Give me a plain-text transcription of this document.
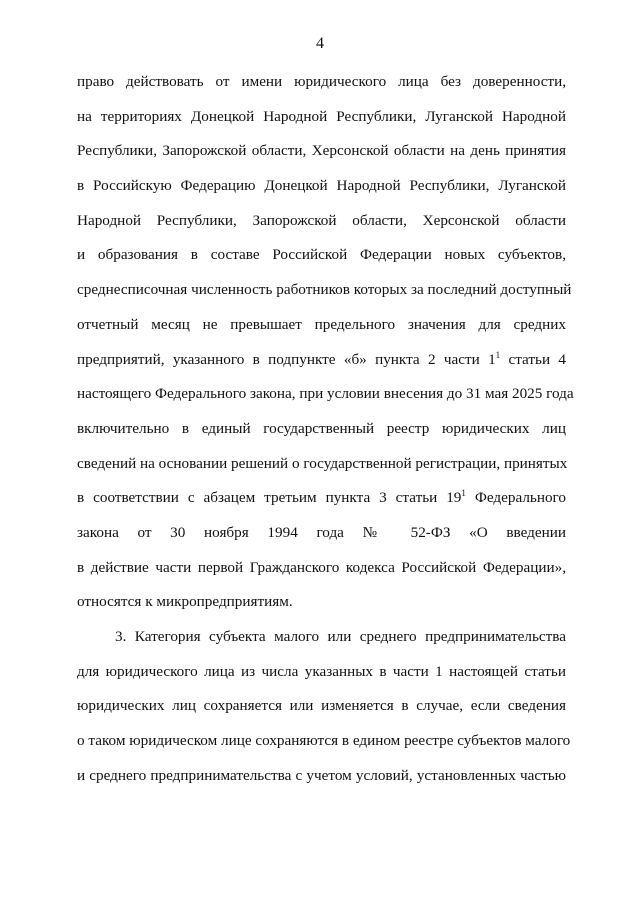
4
право действовать от имени юридического лица без доверенности,
на территориях Донецкой Народной Республики, Луганской Народной
Республики, Запорожской области, Херсонской области на день принятия
в Российскую Федерацию Донецкой Народной Республики, Луганской
Народной Республики, Запорожской области, Херсонской области
и образования в составе Российской Федерации новых субъектов,
среднесписочная численность работников которых за последний доступный
отчетный месяц не превышает предельного значения для средних
предприятий, указанного в подпункте «б» пункта 2 части $1^1$ статьи 4
настоящего Федерального закона, при условии внесения до 31 мая 2025 года
включительно в единый государственный реестр юридических лиц
сведений на основании решений о государственной регистрации, принятых
в соответствии с абзацем третьим пункта 3 статьи $19^1$ Федерального
закона от 30 ноября 1994 года № 52-ФЗ «О введении
в действие части первой Гражданского кодекса Российской Федерации»,
относятся к микропредприятиям.
3. Категория субъекта малого или среднего предпринимательства
для юридического лица из числа указанных в части 1 настоящей статьи
юридических лиц сохраняется или изменяется в случае, если сведения
о таком юридическом лице сохраняются в едином реестре субъектов малого
и среднего предпринимательства с учетом условий, установленных частью
